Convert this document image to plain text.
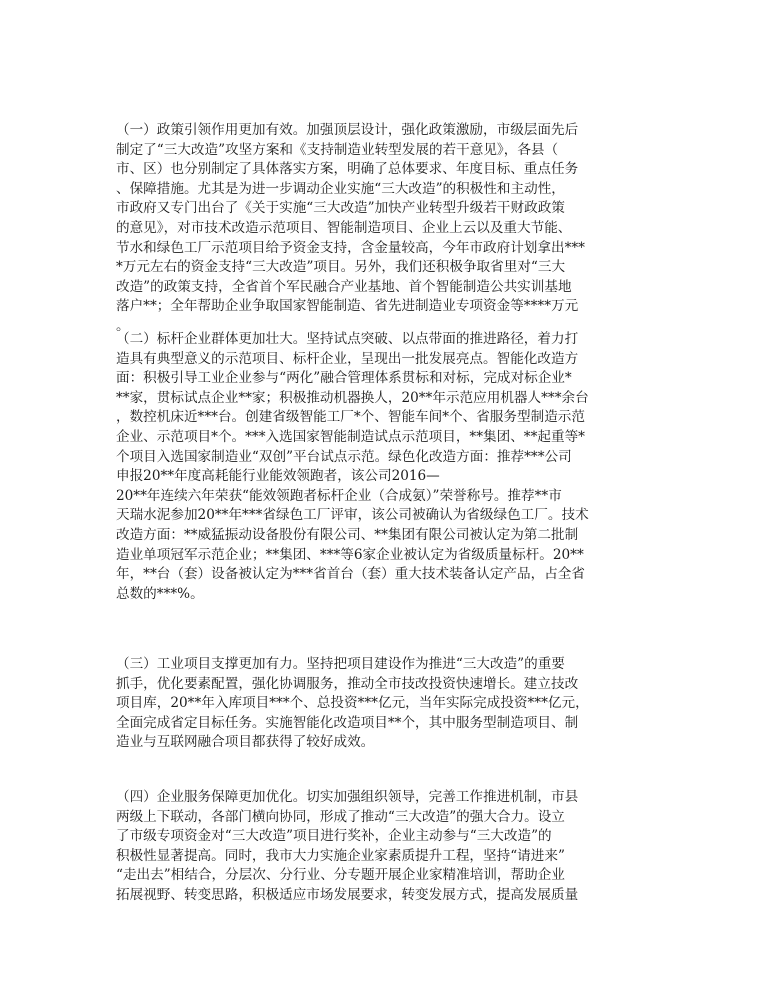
（一）政策引领作用更加有效。加强顶层设计，强化政策激励，市级层面先后
制定了“三大改造”攻坚方案和《支持制造业转型发展的若干意见》，各县（
市、区）也分别制定了具体落实方案，明确了总体要求、年度目标、重点任务
、保障措施。尤其是为进一步调动企业实施“三大改造”的积极性和主动性，
市政府又专门出台了《关于实施“三大改造”加快产业转型升级若干财政政策
的意见》，对市技术改造示范项目、智能制造项目、企业上云以及重大节能、
节水和绿色工厂示范项目给予资金支持，含金量较高，今年市政府计划拿出***
*万元左右的资金支持“三大改造”项目。另外，我们还积极争取省里对“三大
改造”的政策支持，全省首个军民融合产业基地、首个智能制造公共实训基地
落户**；全年帮助企业争取国家智能制造、省先进制造业专项资金等****万元
。
（二）标杆企业群体更加壮大。坚持试点突破、以点带面的推进路径，着力打
造具有典型意义的示范项目、标杆企业，呈现出一批发展亮点。智能化改造方
面：积极引导工业企业参与“两化”融合管理体系贯标和对标，完成对标企业*
**家，贯标试点企业**家；积极推动机器换人，20**年示范应用机器人***余台
，数控机床近***台。创建省级智能工厂*个、智能车间*个、省服务型制造示范
企业、示范项目*个。***入选国家智能制造试点示范项目，**集团、**起重等*
个项目入选国家制造业“双创”平台试点示范。绿色化改造方面：推荐***公司
申报20**年度高耗能行业能效领跑者，该公司2016—
20**年连续六年荣获“能效领跑者标杆企业（合成氨）”荣誉称号。推荐**市
天瑞水泥参加20**年***省绿色工厂评审，该公司被确认为省级绿色工厂。技术
改造方面：**威猛振动设备股份有限公司、**集团有限公司被认定为第二批制
造业单项冠军示范企业；**集团、***等6家企业被认定为省级质量标杆。20**
年，**台（套）设备被认定为***省首台（套）重大技术装备认定产品，占全省
总数的***%。
（三）工业项目支撑更加有力。坚持把项目建设作为推进“三大改造”的重要
抓手，优化要素配置，强化协调服务，推动全市技改投资快速增长。建立技改
项目库，20**年入库项目***个、总投资***亿元，当年实际完成投资***亿元，
全面完成省定目标任务。实施智能化改造项目**个，其中服务型制造项目、制
造业与互联网融合项目都获得了较好成效。
（四）企业服务保障更加优化。切实加强组织领导，完善工作推进机制，市县
两级上下联动，各部门横向协同，形成了推动“三大改造”的强大合力。设立
了市级专项资金对“三大改造”项目进行奖补，企业主动参与“三大改造”的
积极性显著提高。同时，我市大力实施企业家素质提升工程，坚持“请进来”
“走出去”相结合，分层次、分行业、分专题开展企业家精准培训，帮助企业
拓展视野、转变思路，积极适应市场发展要求，转变发展方式，提高发展质量
